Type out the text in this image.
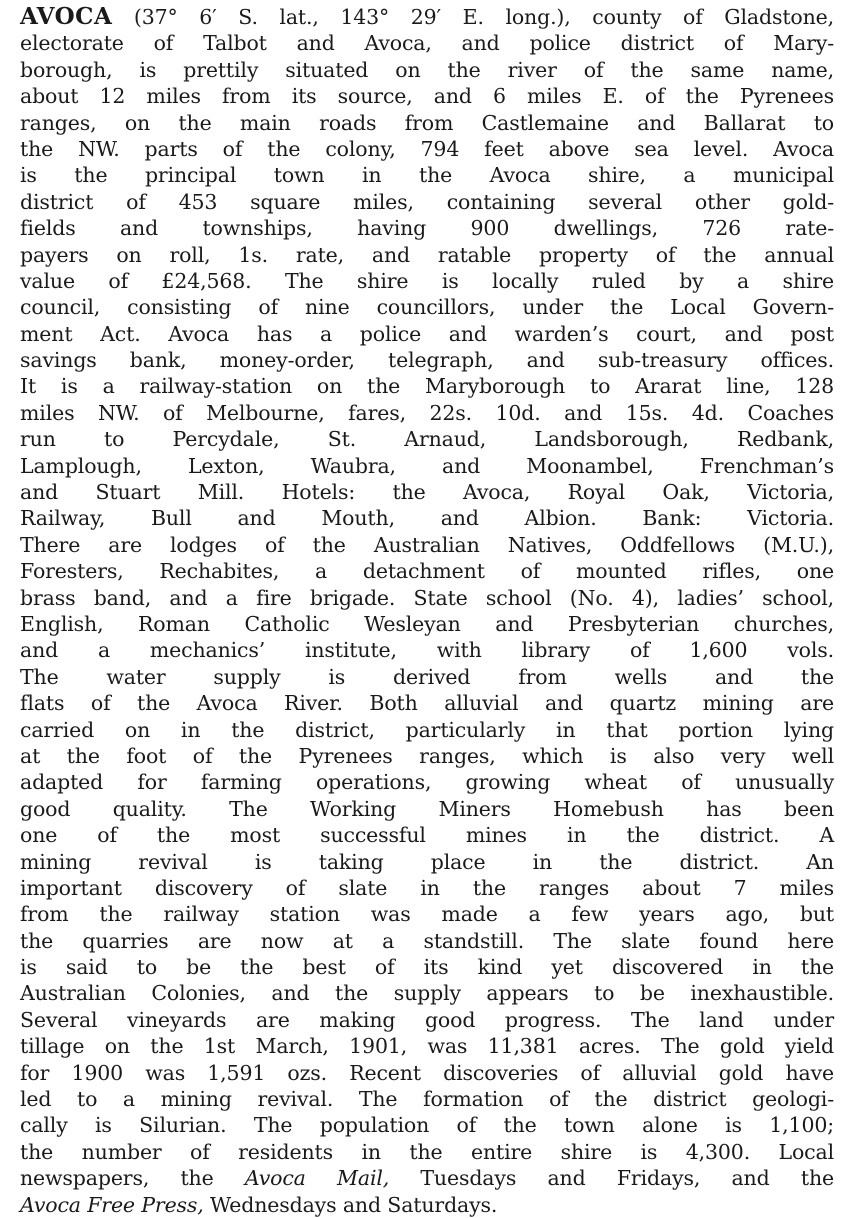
AVOCA (37° 6′ S. lat., 143° 29′ E. long.), county of Gladstone,
electorate of Talbot and Avoca, and police district of Mary-
borough, is prettily situated on the river of the same name,
about 12 miles from its source, and 6 miles E. of the Pyrenees
ranges, on the main roads from Castlemaine and Ballarat to
the NW. parts of the colony, 794 feet above sea level. Avoca
is the principal town in the Avoca shire, a municipal
district of 453 square miles, containing several other gold-
fields and townships, having 900 dwellings, 726 rate-
payers on roll, 1s. rate, and ratable property of the annual
value of £24,568. The shire is locally ruled by a shire
council, consisting of nine councillors, under the Local Govern-
ment Act. Avoca has a police and warden’s court, and post
savings bank, money-order, telegraph, and sub-treasury offices.
It is a railway-station on the Maryborough to Ararat line, 128
miles NW. of Melbourne, fares, 22s. 10d. and 15s. 4d. Coaches
run to Percydale, St. Arnaud, Landsborough, Redbank,
Lamplough, Lexton, Waubra, and Moonambel, Frenchman’s
and Stuart Mill. Hotels: the Avoca, Royal Oak, Victoria,
Railway, Bull and Mouth, and Albion. Bank: Victoria.
There are lodges of the Australian Natives, Oddfellows (M.U.),
Foresters, Rechabites, a detachment of mounted rifles, one
brass band, and a fire brigade. State school (No. 4), ladies’ school,
English, Roman Catholic Wesleyan and Presbyterian churches,
and a mechanics’ institute, with library of 1,600 vols.
The water supply is derived from wells and the
flats of the Avoca River. Both alluvial and quartz mining are
carried on in the district, particularly in that portion lying
at the foot of the Pyrenees ranges, which is also very well
adapted for farming operations, growing wheat of unusually
good quality. The Working Miners Homebush has been
one of the most successful mines in the district. A
mining revival is taking place in the district. An
important discovery of slate in the ranges about 7 miles
from the railway station was made a few years ago, but
the quarries are now at a standstill. The slate found here
is said to be the best of its kind yet discovered in the
Australian Colonies, and the supply appears to be inexhaustible.
Several vineyards are making good progress. The land under
tillage on the 1st March, 1901, was 11,381 acres. The gold yield
for 1900 was 1,591 ozs. Recent discoveries of alluvial gold have
led to a mining revival. The formation of the district geologi-
cally is Silurian. The population of the town alone is 1,100;
the number of residents in the entire shire is 4,300. Local
newspapers, the Avoca Mail, Tuesdays and Fridays, and the
Avoca Free Press, Wednesdays and Saturdays.
